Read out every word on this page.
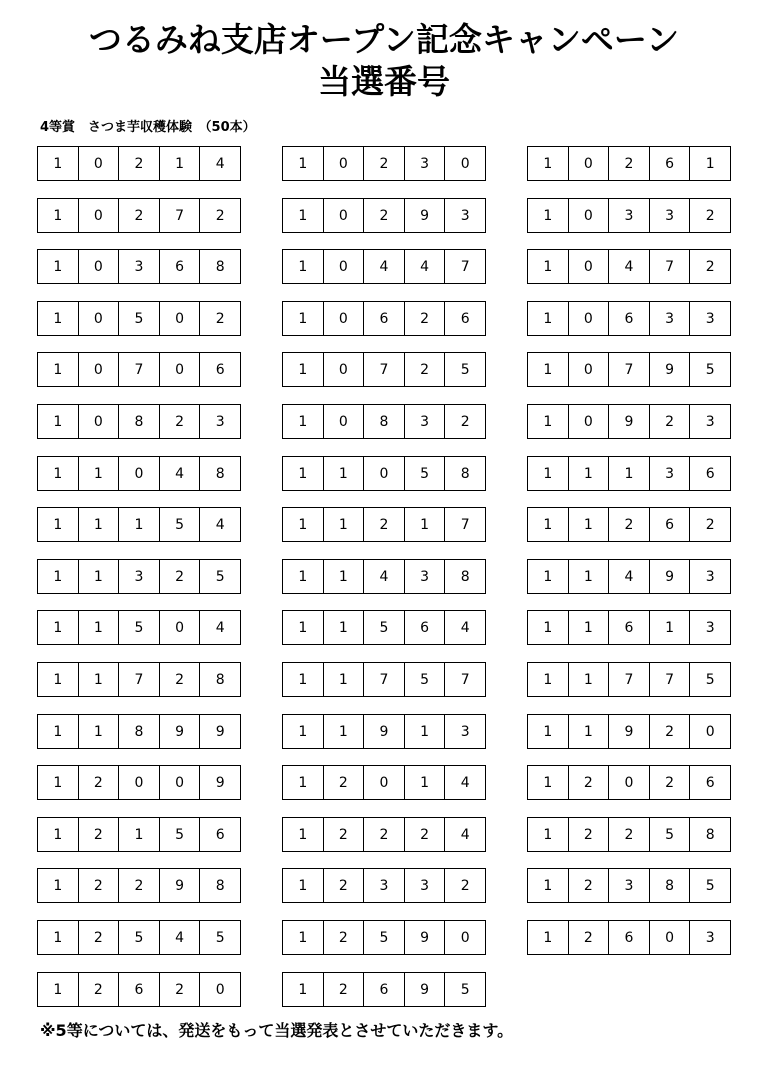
つるみね支店オープン記念キャンペーン
当選番号
4等賞　さつま芋収穫体験　（50本）
1	0	2	1	4	1	0	2	3	0	1	0	2	6	1
1	0	2	7	2	1	0	2	9	3	1	0	3	3	2
1	0	3	6	8	1	0	4	4	7	1	0	4	7	2
1	0	5	0	2	1	0	6	2	6	1	0	6	3	3
1	0	7	0	6	1	0	7	2	5	1	0	7	9	5
1	0	8	2	3	1	0	8	3	2	1	0	9	2	3
1	1	0	4	8	1	1	0	5	8	1	1	1	3	6
1	1	1	5	4	1	1	2	1	7	1	1	2	6	2
1	1	3	2	5	1	1	4	3	8	1	1	4	9	3
1	1	5	0	4	1	1	5	6	4	1	1	6	1	3
1	1	7	2	8	1	1	7	5	7	1	1	7	7	5
1	1	8	9	9	1	1	9	1	3	1	1	9	2	0
1	2	0	0	9	1	2	0	1	4	1	2	0	2	6
1	2	1	5	6	1	2	2	2	4	1	2	2	5	8
1	2	2	9	8	1	2	3	3	2	1	2	3	8	5
1	2	5	4	5	1	2	5	9	0	1	2	6	0	3
1	2	6	2	0	1	2	6	9	5
※5等については、発送をもって当選発表とさせていただきます。
